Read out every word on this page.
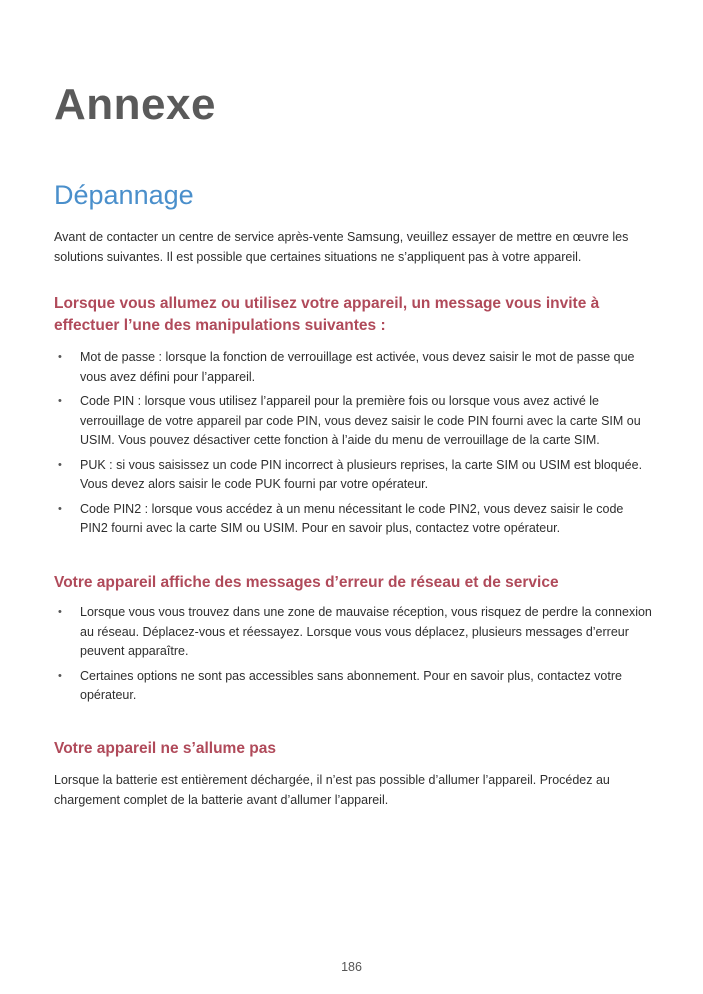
Annexe
Dépannage

Avant de contacter un centre de service après-vente Samsung, veuillez essayer de mettre en œuvre les solutions suivantes. Il est possible que certaines situations ne s’appliquent pas à votre appareil.

Lorsque vous allumez ou utilisez votre appareil, un message vous invite à effectuer l’une des manipulations suivantes :
• Mot de passe : lorsque la fonction de verrouillage est activée, vous devez saisir le mot de passe que vous avez défini pour l’appareil.
• Code PIN : lorsque vous utilisez l’appareil pour la première fois ou lorsque vous avez activé le verrouillage de votre appareil par code PIN, vous devez saisir le code PIN fourni avec la carte SIM ou USIM. Vous pouvez désactiver cette fonction à l’aide du menu de verrouillage de la carte SIM.
• PUK : si vous saisissez un code PIN incorrect à plusieurs reprises, la carte SIM ou USIM est bloquée. Vous devez alors saisir le code PUK fourni par votre opérateur.
• Code PIN2 : lorsque vous accédez à un menu nécessitant le code PIN2, vous devez saisir le code PIN2 fourni avec la carte SIM ou USIM. Pour en savoir plus, contactez votre opérateur.
Votre appareil affiche des messages d’erreur de réseau et de service
• Lorsque vous vous trouvez dans une zone de mauvaise réception, vous risquez de perdre la connexion au réseau. Déplacez-vous et réessayez. Lorsque vous vous déplacez, plusieurs messages d’erreur peuvent apparaître.
• Certaines options ne sont pas accessibles sans abonnement. Pour en savoir plus, contactez votre opérateur.
Votre appareil ne s’allume pas

Lorsque la batterie est entièrement déchargée, il n’est pas possible d’allumer l’appareil. Procédez au chargement complet de la batterie avant d’allumer l’appareil.

186
